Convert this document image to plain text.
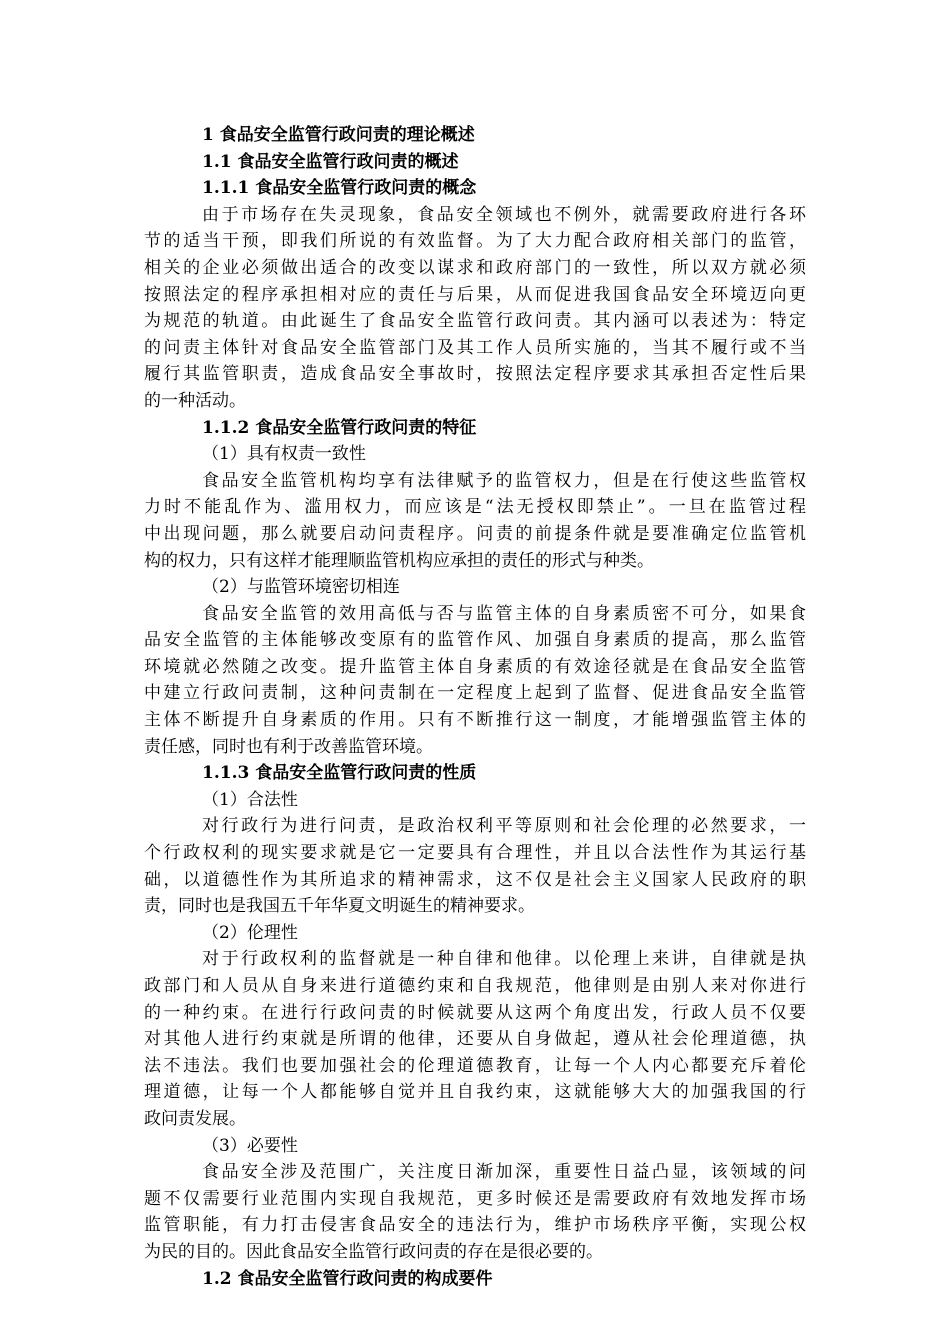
1 食品安全监管行政问责的理论概述
1.1 食品安全监管行政问责的概述
1.1.1 食品安全监管行政问责的概念
由于市场存在失灵现象，食品安全领域也不例外，就需要政府进行各环
节的适当干预，即我们所说的有效监督。为了大力配合政府相关部门的监管，
相关的企业必须做出适合的改变以谋求和政府部门的一致性，所以双方就必须
按照法定的程序承担相对应的责任与后果，从而促进我国食品安全环境迈向更
为规范的轨道。由此诞生了食品安全监管行政问责。其内涵可以表述为：特定
的问责主体针对食品安全监管部门及其工作人员所实施的，当其不履行或不当
履行其监管职责，造成食品安全事故时，按照法定程序要求其承担否定性后果
的一种活动。
1.1.2 食品安全监管行政问责的特征
（1）具有权责一致性
食品安全监管机构均享有法律赋予的监管权力，但是在行使这些监管权
力时不能乱作为、滥用权力，而应该是“法无授权即禁止”。一旦在监管过程
中出现问题，那么就要启动问责程序。问责的前提条件就是要准确定位监管机
构的权力，只有这样才能理顺监管机构应承担的责任的形式与种类。
（2）与监管环境密切相连
食品安全监管的效用高低与否与监管主体的自身素质密不可分，如果食
品安全监管的主体能够改变原有的监管作风、加强自身素质的提高，那么监管
环境就必然随之改变。提升监管主体自身素质的有效途径就是在食品安全监管
中建立行政问责制，这种问责制在一定程度上起到了监督、促进食品安全监管
主体不断提升自身素质的作用。只有不断推行这一制度，才能增强监管主体的
责任感，同时也有利于改善监管环境。
1.1.3 食品安全监管行政问责的性质
（1）合法性
对行政行为进行问责，是政治权利平等原则和社会伦理的必然要求，一
个行政权利的现实要求就是它一定要具有合理性，并且以合法性作为其运行基
础，以道德性作为其所追求的精神需求，这不仅是社会主义国家人民政府的职
责，同时也是我国五千年华夏文明诞生的精神要求。
（2）伦理性
对于行政权利的监督就是一种自律和他律。以伦理上来讲，自律就是执
政部门和人员从自身来进行道德约束和自我规范，他律则是由别人来对你进行
的一种约束。在进行行政问责的时候就要从这两个角度出发，行政人员不仅要
对其他人进行约束就是所谓的他律，还要从自身做起，遵从社会伦理道德，执
法不违法。我们也要加强社会的伦理道德教育，让每一个人内心都要充斥着伦
理道德，让每一个人都能够自觉并且自我约束，这就能够大大的加强我国的行
政问责发展。
（3）必要性
食品安全涉及范围广，关注度日渐加深，重要性日益凸显，该领域的问
题不仅需要行业范围内实现自我规范，更多时候还是需要政府有效地发挥市场
监管职能，有力打击侵害食品安全的违法行为，维护市场秩序平衡，实现公权
为民的目的。因此食品安全监管行政问责的存在是很必要的。
1.2 食品安全监管行政问责的构成要件
